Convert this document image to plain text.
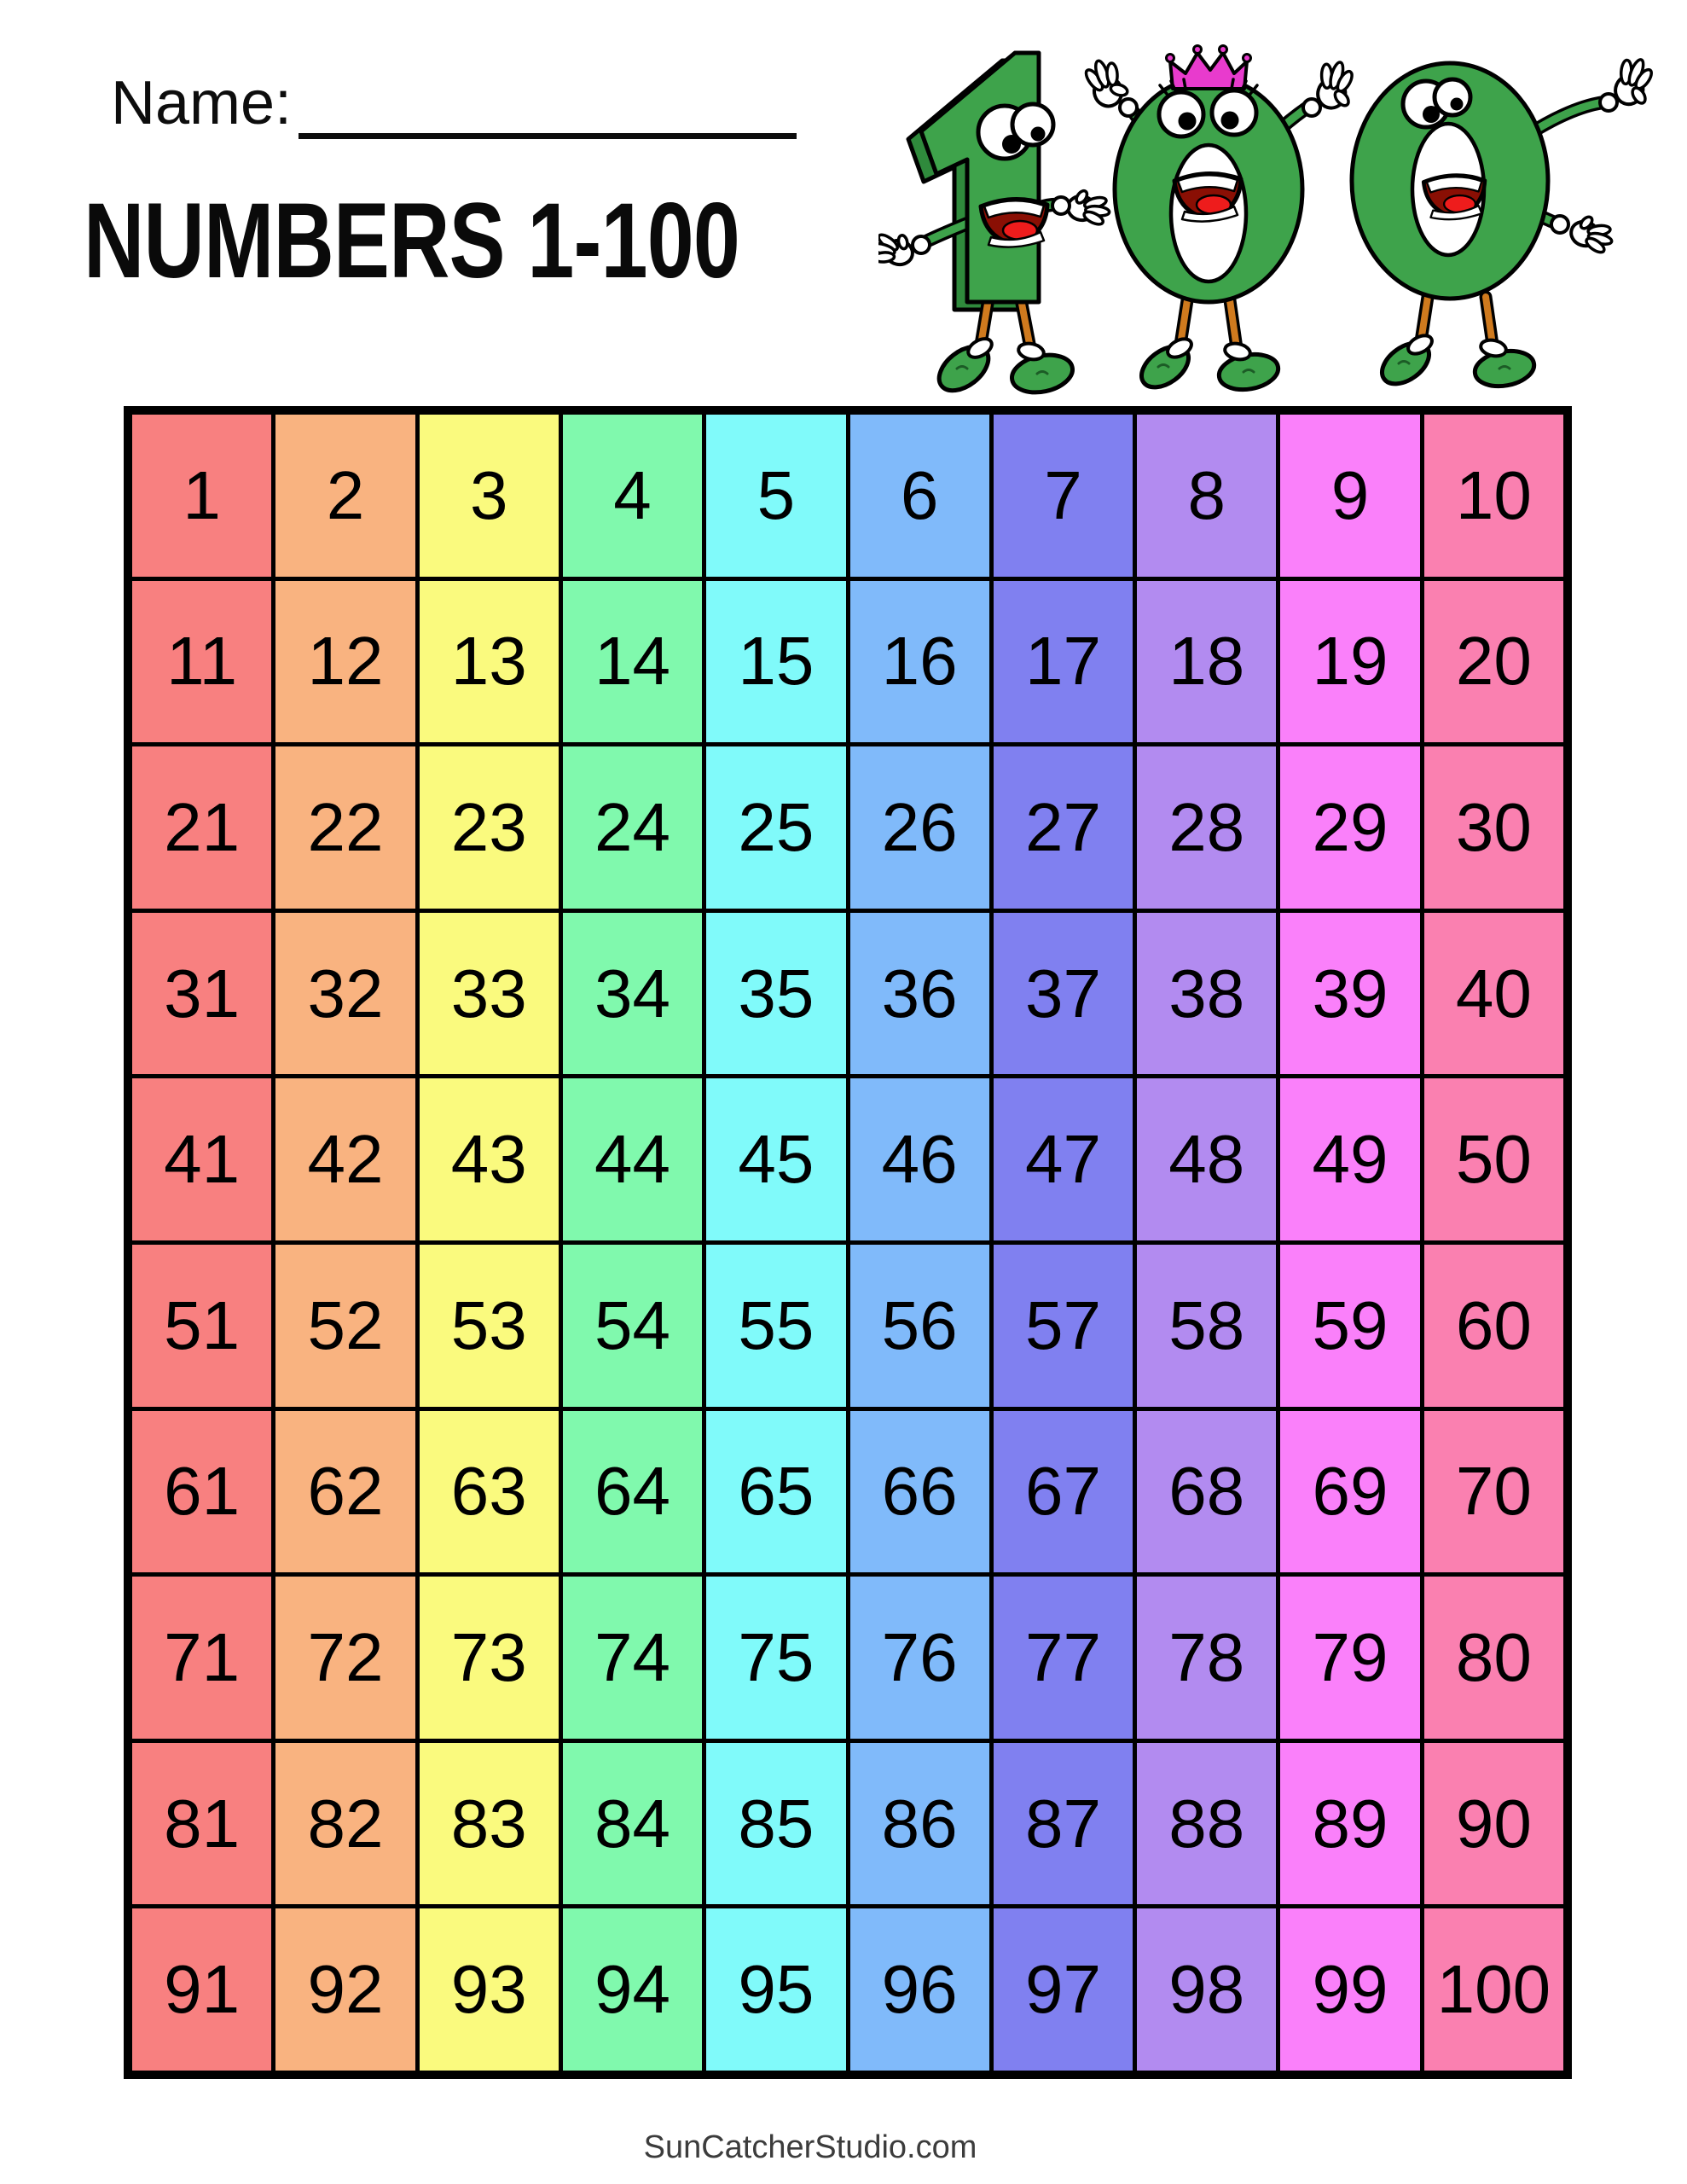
Name:
NUMBERS 1-100
1	2	3	4	5	6	7	8	9	10
11	12 13 14 15 16 17 18 19 20
21 22 23 24 25 26 27 28 29 30
31 32 33 34 35 36 37 38 39 40
41 42 43 44 45 46 47 48 49 50
51 52 53 54 55 56 57 58 59 60
61 62 63 64 65 66 67 68 69 70
71 72 73 74 75 76 77 78 79 80
81 82 83 84 85 86 87 88 89 90
91 92 93 94 95 96 97 98 99 100
SunCatcherStudio.com
